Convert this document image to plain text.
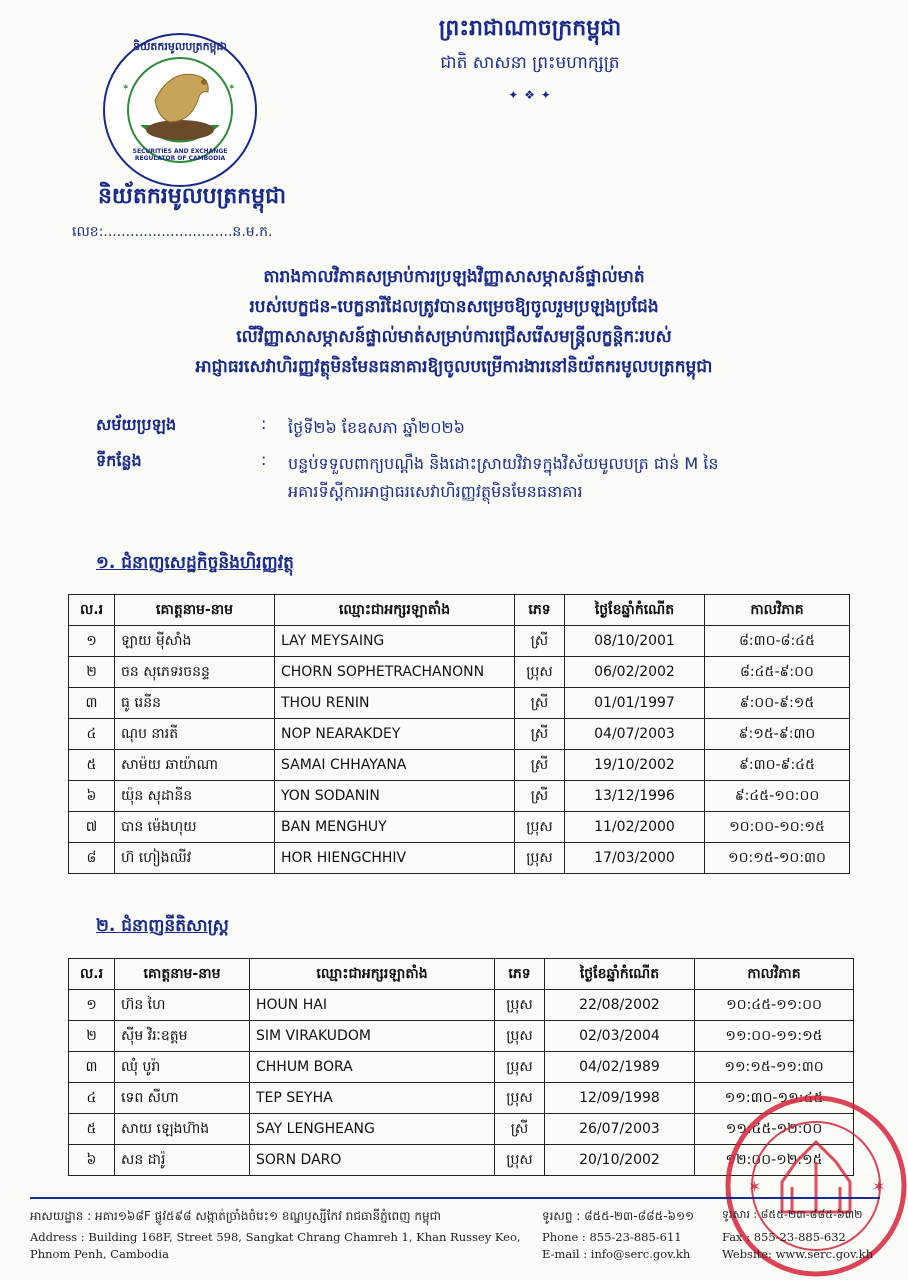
✶	✶
និយ័តករមូលបត្រកម្ពុជា
SECURITIES AND EXCHANGE REGULATOR OF CAMBODIA
និយ័តករមូលបត្រកម្ពុជា
លេខ:.............................ន.ម.ក.
ព្រះរាជាណាចក្រកម្ពុជា
ជាតិ សាសនា ព្រះមហាក្សត្រ
✦ ❖ ✦
តារាងកាលវិភាគសម្រាប់ការប្រឡងវិញ្ញាសាសម្ភាសន៍ផ្ទាល់មាត់
របស់បេក្ខជន-បេក្ខនារីដែលត្រូវបានសម្រេចឱ្យចូលរួមប្រឡងប្រជែង
លើវិញ្ញាសាសម្ភាសន៍ផ្ទាល់មាត់សម្រាប់ការជ្រើសរើសមន្ត្រីលក្ខន្តិកៈរបស់
អាជ្ញាធរសេវាហិរញ្ញវត្ថុមិនមែនធនាគារឱ្យចូលបម្រើការងារនៅនិយ័តករមូលបត្រកម្ពុជា
សម័យប្រឡង	: ថ្ងៃទី២៦ ខែឧសភា ឆ្នាំ២០២៦
ទីកន្លែង	: បន្ទប់ទទួលពាក្យបណ្ដឹង និងដោះស្រាយវិវាទក្នុងវិស័យមូលបត្រ ជាន់ M នៃ
អគារទីស្ដីការអាជ្ញាធរសេវាហិរញ្ញវត្ថុមិនមែនធនាគារ
១. ជំនាញសេដ្ឋកិច្ចនិងហិរញ្ញវត្ថុ
ល.រ	គោត្តនាម-នាម	ឈ្មោះជាអក្សរឡាតាំង	ភេទ	ថ្ងៃខែឆ្នាំកំណើត	កាលវិភាគ
១	ឡាយ ម៉ីសាំង	LAY MEYSAING	ស្រី	08/10/2001	៨:៣០-៨:៤៥
២	ចន សុភេទរចនន្ទ	CHORN SOPHETRACHANONN	ប្រុស	06/02/2002	៨:៤៥-៩:០០
៣	ធូ រេនីន	THOU RENIN	ស្រី	01/01/1997	៩:០០-៩:១៥
៤	ណុប នារតី	NOP NEARAKDEY	ស្រី	04/07/2003	៩:១៥-៩:៣០
៥	សាម៉យ ឆាយ៉ាណា	SAMAI CHHAYANA	ស្រី	19/10/2002	៩:៣០-៩:៤៥
៦	យ៉ុន សុដានីន	YON SODANIN	ស្រី	13/12/1996	៩:៤៥-១០:០០
៧	បាន ម៉េងហុយ	BAN MENGHUY	ប្រុស	11/02/2000	១០:០០-១០:១៥
៨	ហ៊ ហៀងឈីវ	HOR HIENGCHHIV	ប្រុស	17/03/2000	១០:១៥-១០:៣០
២. ជំនាញនីតិសាស្ត្រ
ល.រ	គោត្តនាម-នាម	ឈ្មោះជាអក្សរឡាតាំង	ភេទ	ថ្ងៃខែឆ្នាំកំណើត	កាលវិភាគ
១	ហ៊ន ហៃ	HOUN HAI	ប្រុស	22/08/2002	១០:៤៥-១១:០០
២	ស៊ីម វិរៈឧត្តម	SIM VIRAKUDOM	ប្រុស	02/03/2004	១១:០០-១១:១៥
៣	ឈុំ បូរ៉ា	CHHUM BORA	ប្រុស	04/02/1989	១១:១៥-១១:៣០
៤	ទេព សីហា	TEP SEYHA	ប្រុស	12/09/1998	១១:៣០-១១:៤៥
៥	សាយ ឡេងហ៊ាង	SAY LENGHEANG	ស្រី	26/07/2003	១១:៤៥-១២:០០
៦	សន ដារ៉ូ	SORN DARO	ប្រុស	20/10/2002	១២:០០-១២:១៥
✶	✶
អាសយដ្ឋាន : អគារ១៦៨F ផ្លូវ៥៩៨ សង្កាត់ច្រាំងចំរេះ១ ខណ្ឌឫស្សីកែវ រាជធានីភ្នំពេញ កម្ពុជា
Address : Building 168F, Street 598, Sangkat Chrang Chamreh 1, Khan Russey Keo,
Phnom Penh, Cambodia
ទូរសព្ទ : ៨៥៥-២៣-៨៨៥-៦១១
Phone : 855-23-885-611
E-mail : info@serc.gov.kh
ទូរសារ : ៨៥៥-២៣-៨៨៥-៦៣២
Fax : 855-23-885-632
Website: www.serc.gov.kh
